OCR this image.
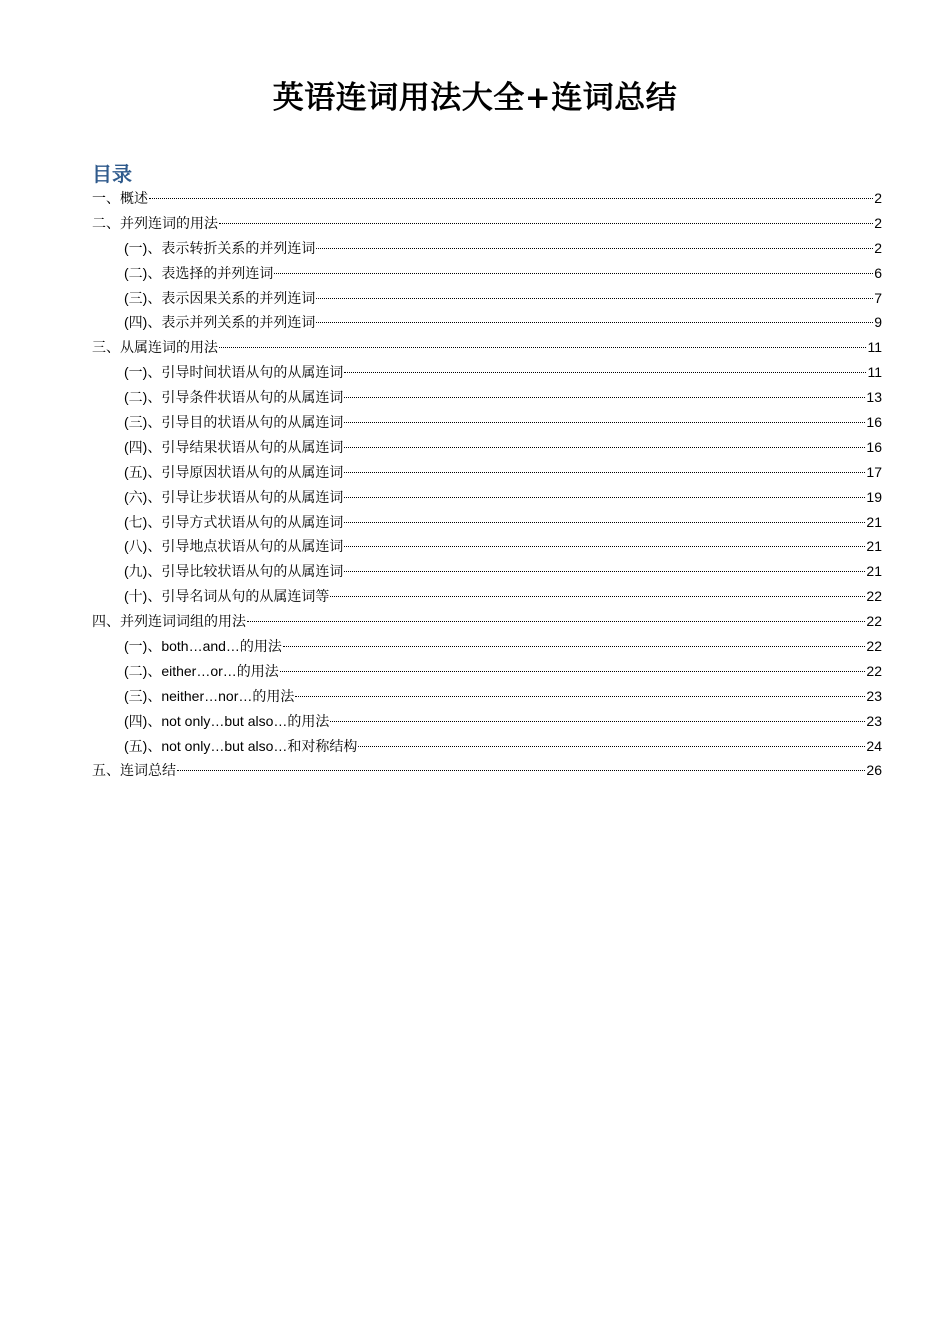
英语连词用法大全+连词总结
目录
一、概述	2
二、并列连词的用法	2
(一)、表示转折关系的并列连词	2
(二)、表选择的并列连词	6
(三)、表示因果关系的并列连词	7
(四)、表示并列关系的并列连词	9
三、从属连词的用法	11
(一)、引导时间状语从句的从属连词	11
(二)、引导条件状语从句的从属连词	13
(三)、引导目的状语从句的从属连词	16
(四)、引导结果状语从句的从属连词	16
(五)、引导原因状语从句的从属连词	17
(六)、引导让步状语从句的从属连词	19
(七)、引导方式状语从句的从属连词	21
(八)、引导地点状语从句的从属连词	21
(九)、引导比较状语从句的从属连词	21
(十)、引导名词从句的从属连词等	22
四、并列连词词组的用法	22
(一)、both…and…的用法	22
(二)、either…or…的用法	22
(三)、neither…nor…的用法	23
(四)、not only…but also…的用法	23
(五)、not only…but also…和对称结构	24
五、连词总结	26
